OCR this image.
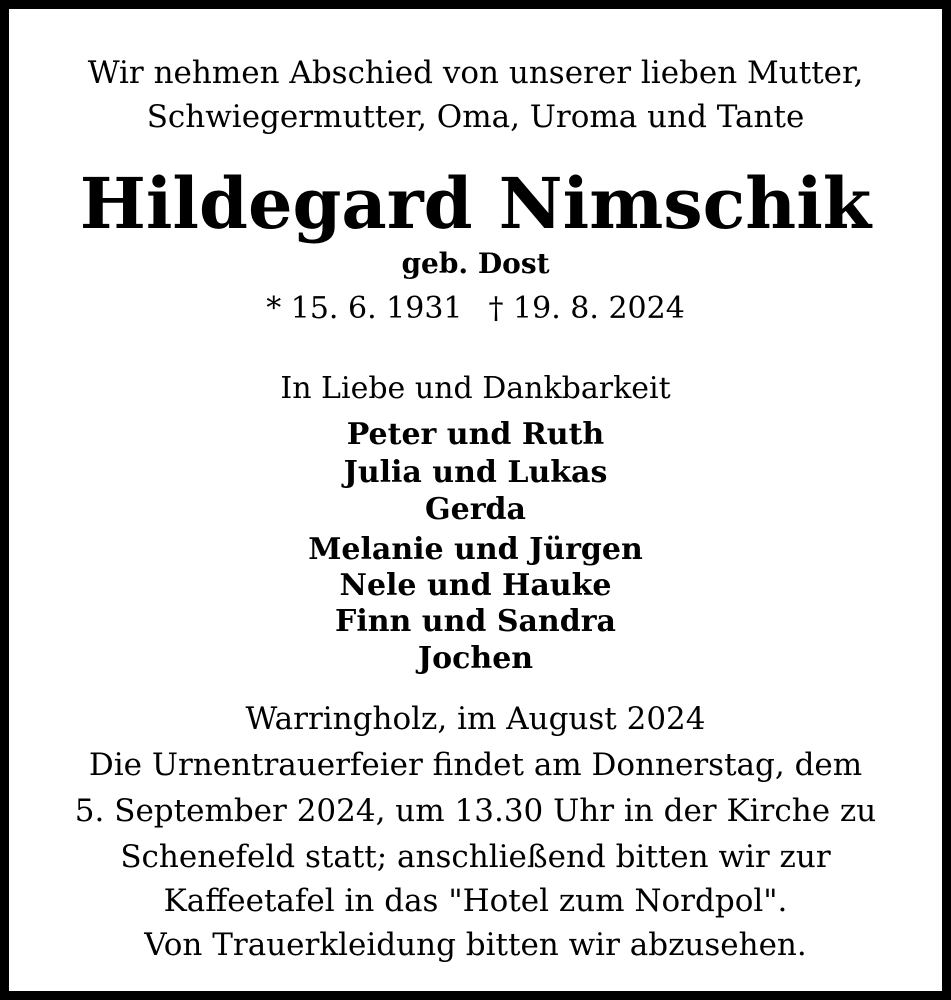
Wir nehmen Abschied von unserer lieben Mutter,

Schwiegermutter, Oma, Uroma und Tante

Hildegard Nimschik

geb. Dost

* 15. 6. 1931 † 19. 8. 2024

In Liebe und Dankbarkeit

Peter und Ruth

Julia und Lukas

Gerda

Melanie und Jürgen

Nele und Hauke

Finn und Sandra

Jochen

Warringholz, im August 2024

Die Urnentrauerfeier findet am Donnerstag, dem

5. September 2024, um 13.30 Uhr in der Kirche zu

Schenefeld statt; anschließend bitten wir zur

Kaffeetafel in das "Hotel zum Nordpol".

Von Trauerkleidung bitten wir abzusehen.
